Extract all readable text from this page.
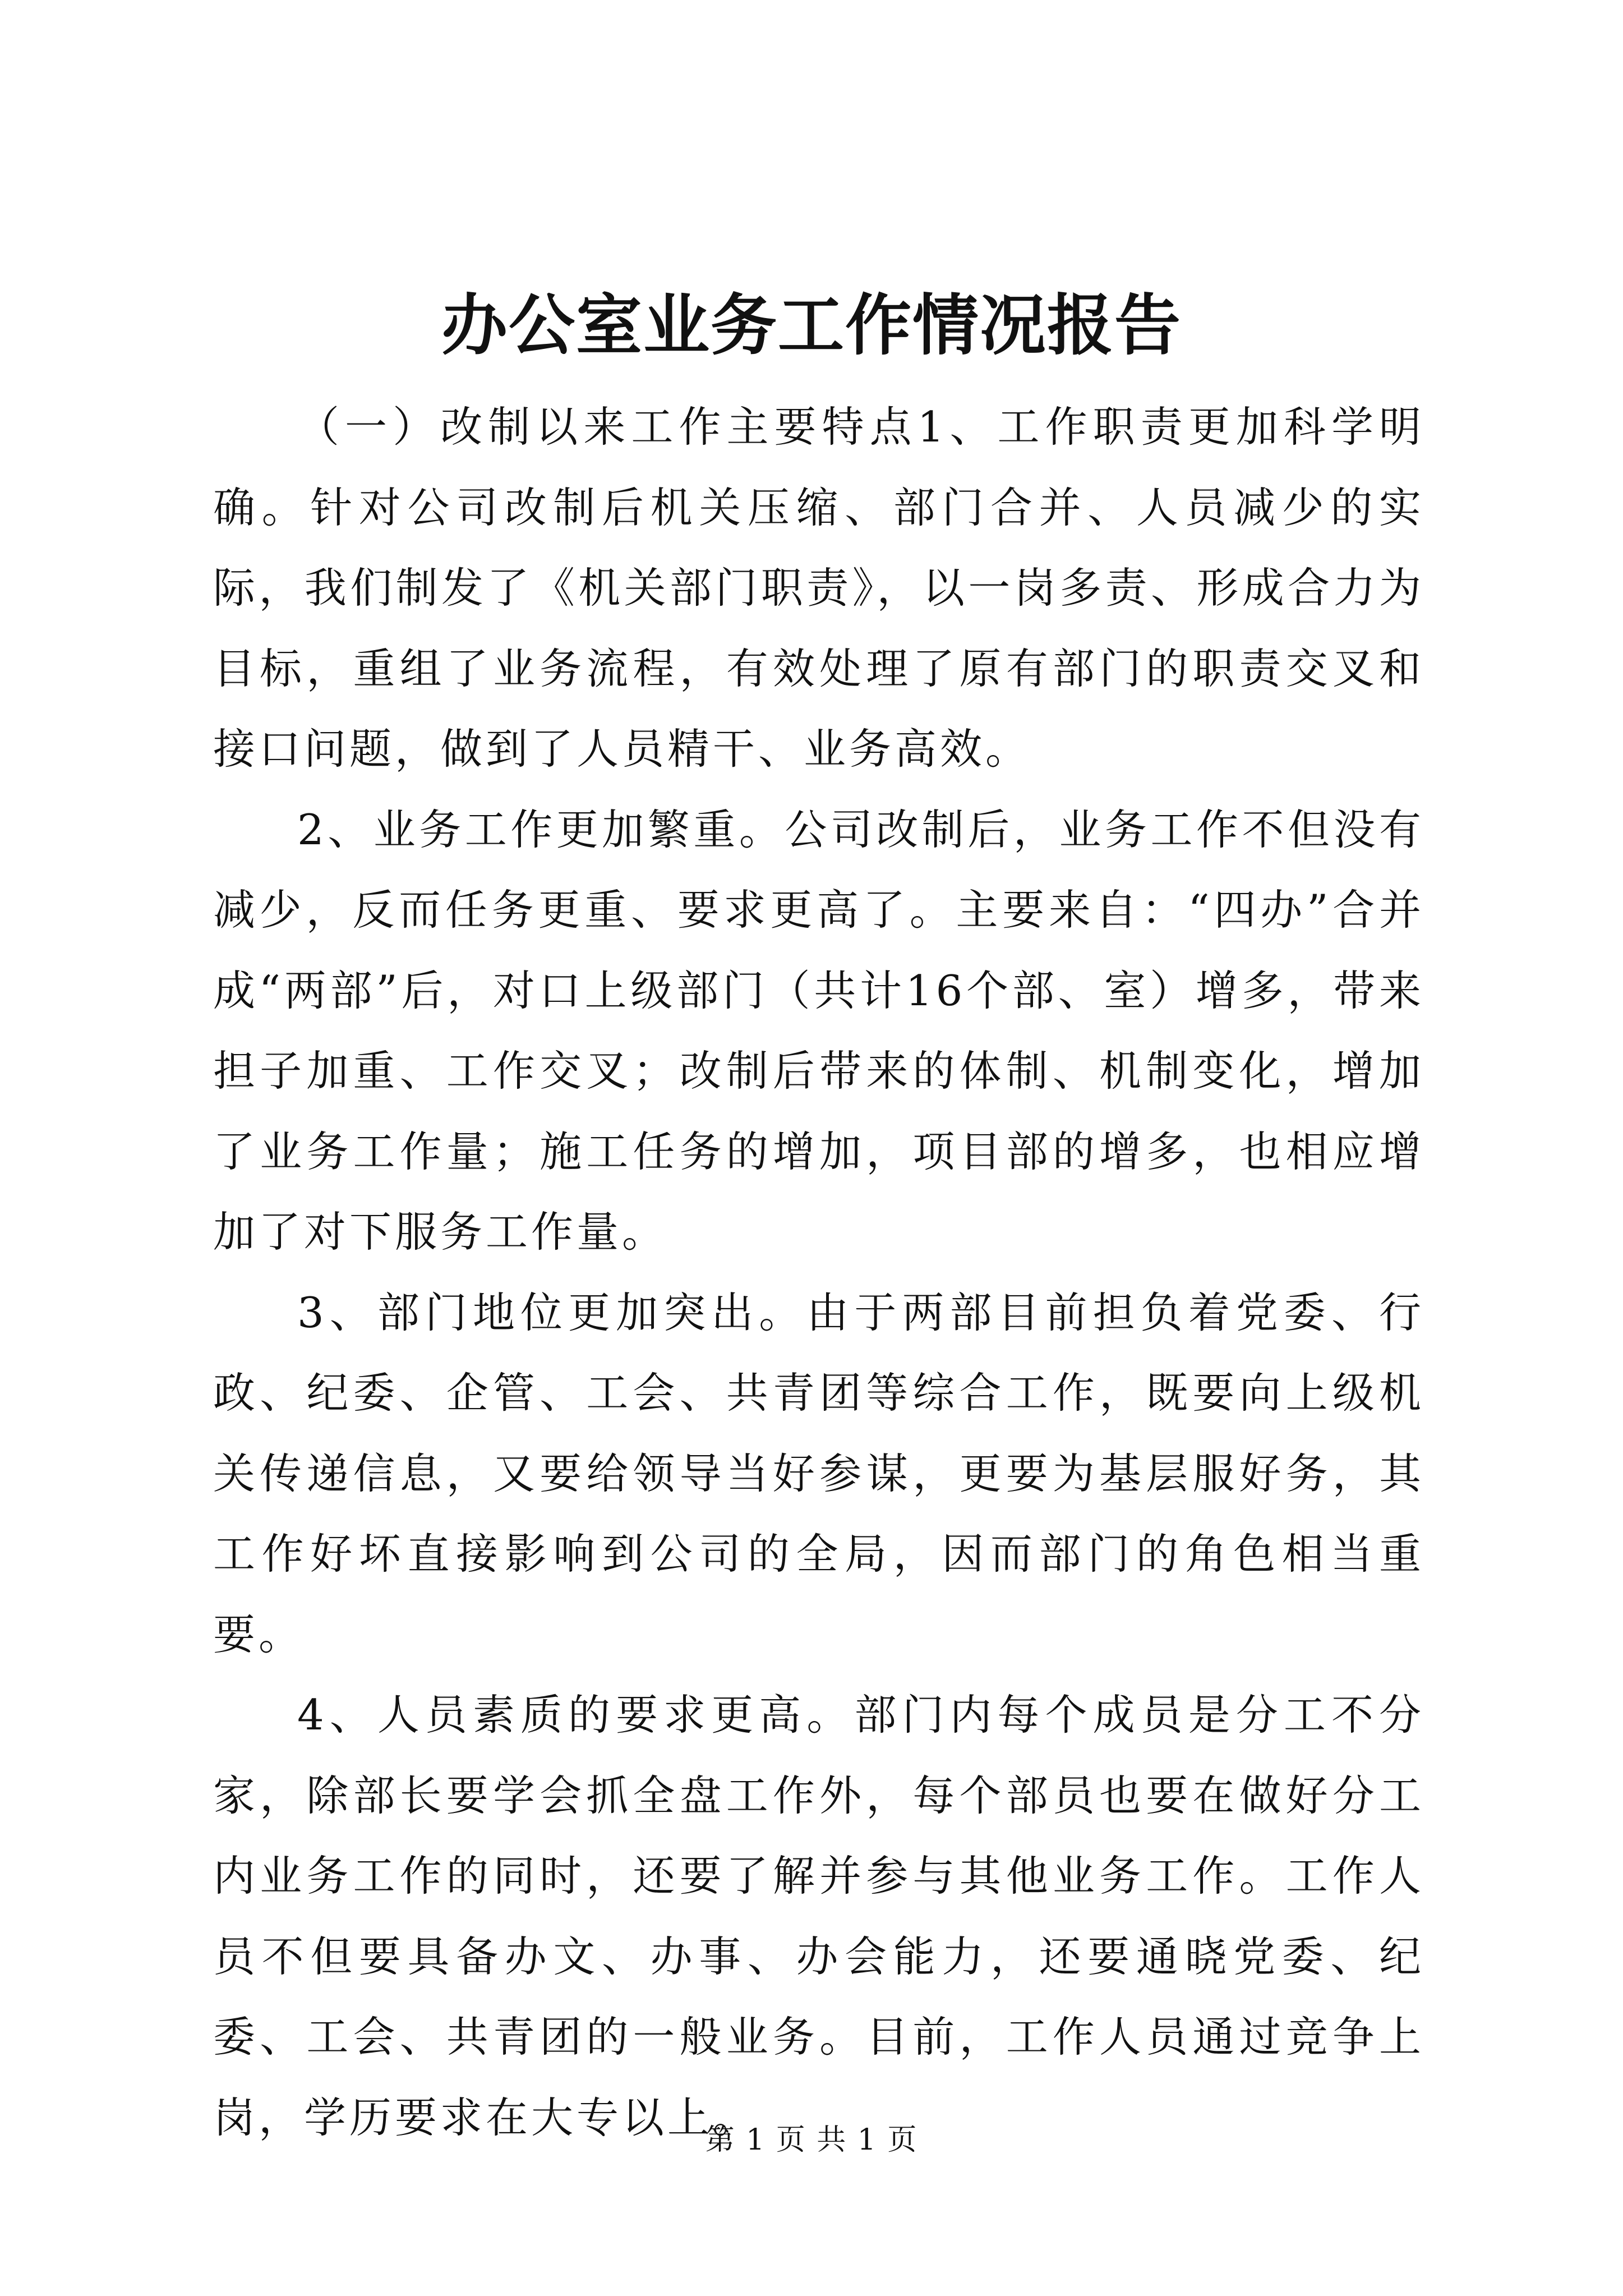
办公室业务工作情况报告

（一）改制以来工作主要特点1、工作职责更加科学明确。针对公司改制后机关压缩、部门合并、人员减少的实际，我们制发了《机关部门职责》，以一岗多责、形成合力为目标，重组了业务流程，有效处理了原有部门的职责交叉和接口问题，做到了人员精干、业务高效。

2、业务工作更加繁重。公司改制后，业务工作不但没有减少，反而任务更重、要求更高了。主要来自：“四办”合并成“两部”后，对口上级部门（共计16个部、室）增多，带来担子加重、工作交叉；改制后带来的体制、机制变化，增加了业务工作量；施工任务的增加，项目部的增多，也相应增加了对下服务工作量。

3、部门地位更加突出。由于两部目前担负着党委、行政、纪委、企管、工会、共青团等综合工作，既要向上级机关传递信息，又要给领导当好参谋，更要为基层服好务，其工作好坏直接影响到公司的全局，因而部门的角色相当重要。

4、人员素质的要求更高。部门内每个成员是分工不分家，除部长要学会抓全盘工作外，每个部员也要在做好分工内业务工作的同时，还要了解并参与其他业务工作。工作人员不但要具备办文、办事、办会能力，还要通晓党委、纪委、工会、共青团的一般业务。目前，工作人员通过竞争上岗，学历要求在大专以上。

第 1 页 共 1 页
